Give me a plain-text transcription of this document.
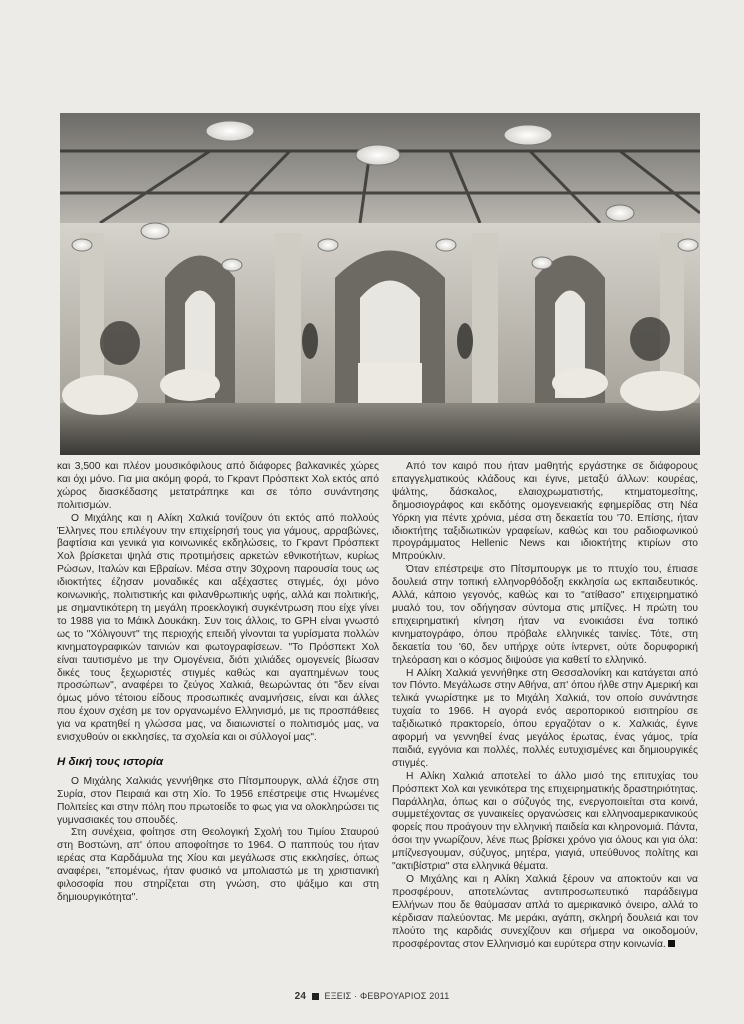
και 3,500 και πλέον μουσικόφιλους από διάφορες βαλκανικές χώρες και όχι μόνο. Για μια ακόμη φορά, το Γκραντ Πρόσπεκτ Χολ εκτός από χώρος διασκέδασης μετατράπηκε και σε τόπο συνάντησης πολιτισμών.

Ο Μιχάλης και η Αλίκη Χαλκιά τονίζουν ότι εκτός από πολλούς Έλληνες που επιλέγουν την επιχείρησή τους για γάμους, αρραβώνες, βαφτίσια και γενικά για κοινωνικές εκδηλώσεις, το Γκραντ Πρόσπεκτ Χολ βρίσκεται ψηλά στις προτιμήσεις αρκετών εθνικοτήτων, κυρίως Ρώσων, Ιταλών και Εβραίων. Μέσα στην 30χρονη παρουσία τους ως ιδιοκτήτες έζησαν μοναδικές και αξέχαστες στιγμές, όχι μόνο κοινωνικής, πολιτιστικής και φιλανθρωπικής υφής, αλλά και πολιτικής, με σημαντικότερη τη μεγάλη προεκλογική συγκέντρωση που είχε γίνει το 1988 για το Μάικλ Δουκάκη. Συν τοις άλλοις, το GPH είναι γνωστό ως το "Χόλιγουντ" της περιοχής επειδή γίνονται τα γυρίσματα πολλών κινηματογραφικών ταινιών και φωτογραφίσεων. "Το Πρόσπεκτ Χολ είναι ταυτισμένο με την Ομογένεια, διότι χιλιάδες ομογενείς βίωσαν δικές τους ξεχωριστές στιγμές καθώς και αγαπημένων τους προσώπων", αναφέρει το ζεύγος Χαλκιά, θεωρώντας ότι "δεν είναι όμως μόνο τέτοιου είδους προσωπικές αναμνήσεις, είναι και άλλες που έχουν σχέση με τον οργανωμένο Ελληνισμό, με τις προσπάθειες για να κρατηθεί η γλώσσα μας, να διαιωνιστεί ο πολιτισμός μας, να ενισχυθούν οι εκκλησίες, τα σχολεία και οι σύλλογοί μας".

Η δική τους ιστορία

Ο Μιχάλης Χαλκιάς γεννήθηκε στο Πίτσμπουργκ, αλλά έζησε στη Συρία, στον Πειραιά και στη Χίο. Το 1956 επέστρεψε στις Ηνωμένες Πολιτείες και στην πόλη που πρωτοείδε το φως για να ολοκληρώσει τις γυμνασιακές του σπουδές.

Στη συνέχεια, φοίτησε στη Θεολογική Σχολή του Τιμίου Σταυρού στη Βοστώνη, απ' όπου αποφοίτησε το 1964. Ο παππούς του ήταν ιερέας στα Καρδάμυλα της Χίου και μεγάλωσε στις εκκλησίες, όπως αναφέρει, "επομένως, ήταν φυσικό να μπολιαστώ με τη χριστιανική φιλοσοφία που στηρίζεται στη γνώση, στο ψάξιμο και στη δημιουργικότητα".

Από τον καιρό που ήταν μαθητής εργάστηκε σε διάφορους επαγγελματικούς κλάδους και έγινε, μεταξύ άλλων: κουρέας, ψάλτης, δάσκαλος, ελαιοχρωματιστής, κτηματομεσίτης, δημοσιογράφος και εκδότης ομογενειακής εφημερίδας στη Νέα Υόρκη για πέντε χρόνια, μέσα στη δεκαετία του '70. Επίσης, ήταν ιδιοκτήτης ταξιδιωτικών γραφείων, καθώς και του ραδιοφωνικού προγράμματος Hellenic News και ιδιοκτήτης κτιρίων στο Μπρούκλιν.

Όταν επέστρεψε στο Πίτσμπουργκ με το πτυχίο του, έπιασε δουλειά στην τοπική ελληνορθόδοξη εκκλησία ως εκπαιδευτικός. Αλλά, κάποιο γεγονός, καθώς και το "ατίθασο" επιχειρηματικό μυαλό του, τον οδήγησαν σύντομα στις μπίζνες. Η πρώτη του επιχειρηματική κίνηση ήταν να ενοικιάσει ένα τοπικό κινηματογράφο, όπου πρόβαλε ελληνικές ταινίες. Τότε, στη δεκαετία του '60, δεν υπήρχε ούτε ίντερνετ, ούτε δορυφορική τηλεόραση και ο κόσμος διψούσε για καθετί το ελληνικό.

Η Αλίκη Χαλκιά γεννήθηκε στη Θεσσαλονίκη και κατάγεται από τον Πόντο. Μεγάλωσε στην Αθήνα, απ' όπου ήλθε στην Αμερική και τελικά γνωρίστηκε με το Μιχάλη Χαλκιά, τον οποίο συνάντησε τυχαία το 1966. Η αγορά ενός αεροπορικού εισιτηρίου σε ταξιδιωτικό πρακτορείο, όπου εργαζόταν ο κ. Χαλκιάς, έγινε αφορμή να γεννηθεί ένας μεγάλος έρωτας, ένας γάμος, τρία παιδιά, εγγόνια και πολλές, πολλές ευτυχισμένες και δημιουργικές στιγμές.

Η Αλίκη Χαλκιά αποτελεί το άλλο μισό της επιτυχίας του Πρόσπεκτ Χολ και γενικότερα της επιχειρηματικής δραστηριότητας. Παράλληλα, όπως και ο σύζυγός της, ενεργοποιείται στα κοινά, συμμετέχοντας σε γυναικείες οργανώσεις και ελληνοαμερικανικούς φορείς που προάγουν την ελληνική παιδεία και κληρονομιά. Πάντα, όσοι την γνωρίζουν, λένε πως βρίσκει χρόνο για όλους και για όλα: μπίζνεσγουμαν, σύζυγος, μητέρα, γιαγιά, υπεύθυνος πολίτης και "ακτιβίστρια" στα ελληνικά θέματα.

Ο Μιχάλης και η Αλίκη Χαλκιά ξέρουν να αποκτούν και να προσφέρουν, αποτελώντας αντιπροσωπευτικό παράδειγμα Ελλήνων που δε θαύμασαν απλά το αμερικανικό όνειρο, αλλά το κέρδισαν παλεύοντας. Με μεράκι, αγάπη, σκληρή δουλειά και τον πλούτο της καρδιάς συνεχίζουν και σήμερα να οικοδομούν, προσφέροντας στον Ελληνισμό και ευρύτερα στην κοινωνία.

24 ΕΞΕΙΣ · ΦΕΒΡΟΥΑΡΙΟΣ 2011
